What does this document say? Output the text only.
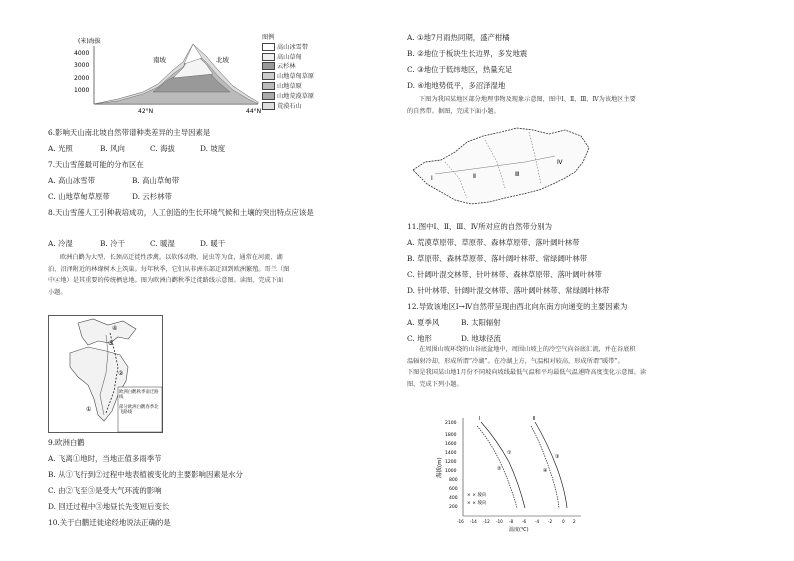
(米)海拔
4000
3000
2000
1000
南坡	北坡
42°N	44°N
图例
高山冰雪带
高山草甸
云杉林
山地草甸草原
山地草原
山地荒漠草原
荒漠石山
6.影响天山南北坡自然带谱种类差异的主导因素是
A. 光照	B. 风向	C. 海拔	D. 坡度
7.天山雪莲最可能的分布区在
A. 高山冰雪带	B. 高山草甸带
C. 山地草甸草原带	D. 云杉林带
8.天山雪莲人工引种栽培成功，人工创造的生长环境气候和土壤的突出特点应该是
A. 冷湿	B. 冷干	C. 暖湿	D. 暖干
欧洲白鹳为大型、长颈高迁徙性涉禽。以软体动物、昆虫等为食，通常在河流、湖
泊、沼泽附近的林缘树木上筑巢。每年秋季，它们从非洲东部迁回到欧洲繁殖。哥兰（图
中④地）是其重要的传统栖息地。图为欧洲白鹳秋季迁徙路线示意图。读图，完成下面
小题。
①
②
③
④
欧洲白鹳秋季南迁路线
部分欧洲白鹳春季北飞路线
9.欧洲白鹳
A. 飞离①地时，当地正值多雨季节
B. 从①飞行到②过程中地表植被变化的主要影响因素是水分
C. 由②飞至③是受大气环流的影响
D. 回迁过程中③地昼长先变短后变长
10.关于白鹳迁徙途经地说法正确的是
A. ①地7月雨热同期，盛产柑橘
B. ②地位于板块生长边界，多发地震
C. ③地位于低纬地区，热量充足
D. ④地地势低平，多沼泽湿地
下图为我国某地区部分地理事物及现象示意图，图中Ⅰ、Ⅱ、Ⅲ、Ⅳ为该地区主要
的自然带。据图，完成下面小题。
Ⅰ	Ⅱ	Ⅲ
Ⅳ
11.图中Ⅰ、Ⅱ、Ⅲ、Ⅳ所对应的自然带分别为
A. 荒漠草原带、草原带、森林草原带、落叶阔叶林带
B. 草原带、森林草原带、落叶阔叶林带、常绿阔叶林带
C. 针阔叶混交林带、针叶林带、森林草原带、落叶阔叶林带
D. 针叶林带、针阔叶混交林带、落叶阔叶林带、常绿阔叶林带
12.导致该地区Ⅰ→Ⅳ自然带呈现由西北向东南方向递变的主要因素为
A. 夏季风	B. 太阳辐射
C. 地形	D. 地球径流
在周围山坡环绕的山谷底盆地中，周围山坡上的冷空气向谷底汇流，并在谷底积
温辐射冷却，形成所谓“冷湖”。在冷湖上方，气温相对较高，形成所谓“暖带”。
下图是我国某山地1月份不同坡向坡线最低气温和平均最低气温递降高度变化示意图。读
图，完成下列小题。
海拔(m)
2100
1800
1600
1400
1200
1000
800
600
400
200
Ⅰ	Ⅱ
①
②
③
④
× × 坡向
× × 坡向
-16 -14 -12 -10 -8 -6 -4 -2 0 2
温度(℃)
